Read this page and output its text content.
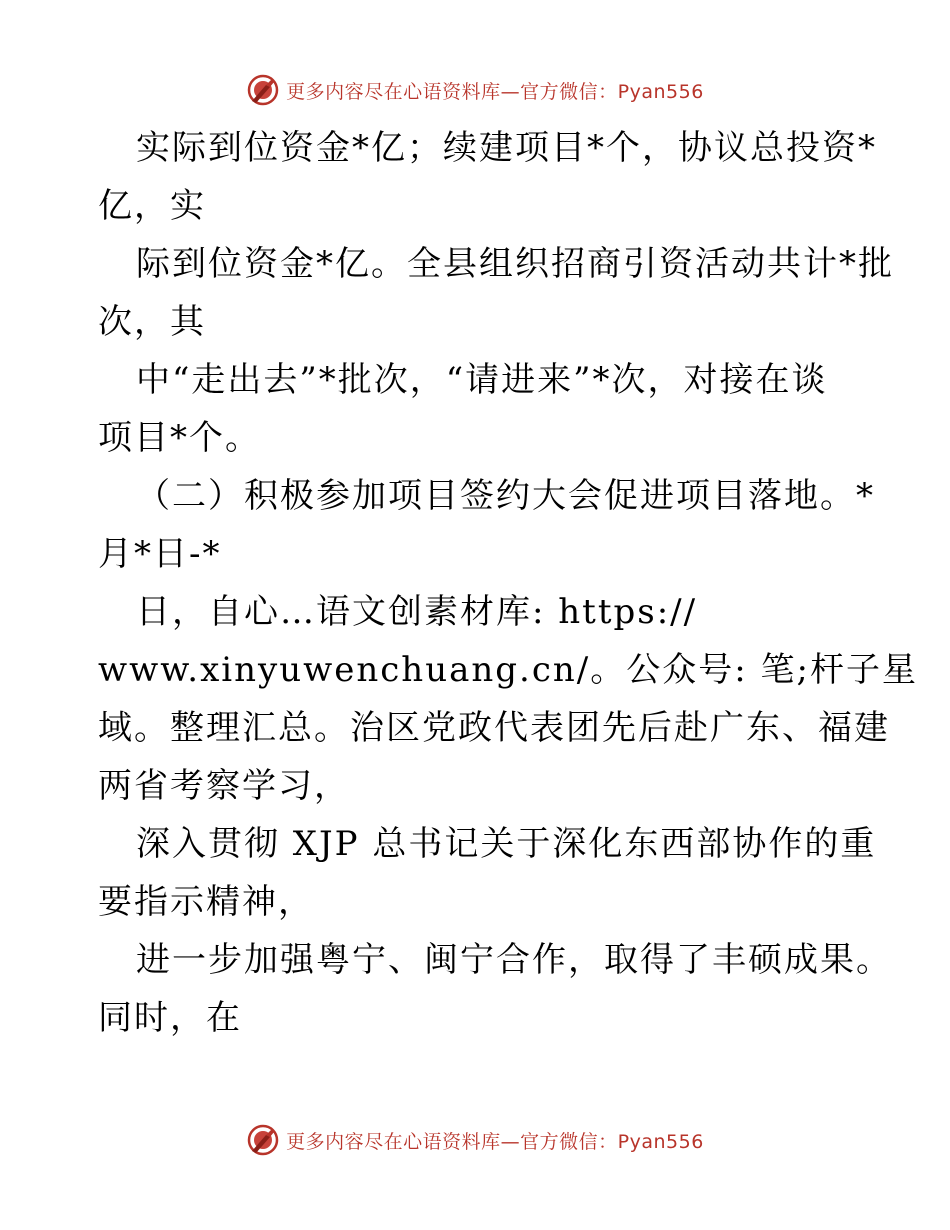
更多内容尽在心语资料库—官方微信：Pyan556
实际到位资金*亿；续建项目*个，协议总投资*
亿，实
际到位资金*亿。全县组织招商引资活动共计*批
次，其
中“走出去”*批次，“请进来”*次，对接在谈
项目*个。
（二）积极参加项目签约大会促进项目落地。*
月*日-*
日，自心…语文创素材库: https://
www.xinyuwenchuang.cn/。公众号: 笔;杆子星
域。整理汇总。治区党政代表团先后赴广东、福建
两省考察学习，
深入贯彻 XJP 总书记关于深化东西部协作的重
要指示精神，
进一步加强粤宁、闽宁合作，取得了丰硕成果。
同时，在
更多内容尽在心语资料库—官方微信：Pyan556
